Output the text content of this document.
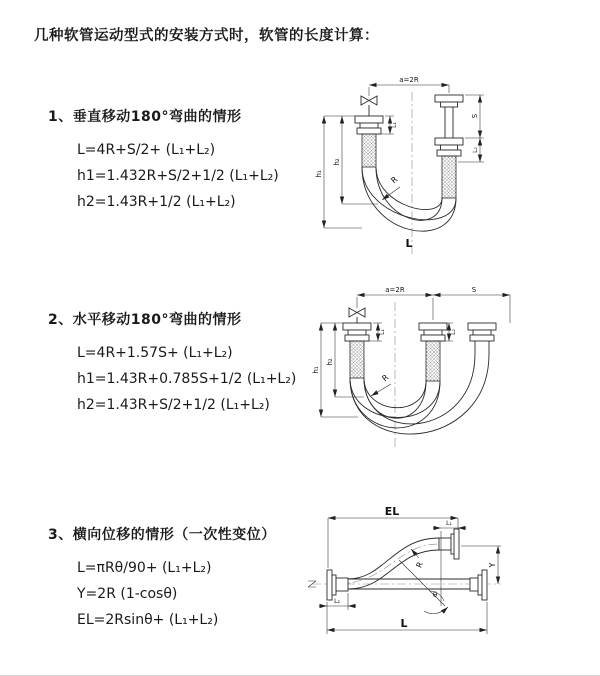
几种软管运动型式的安装方式时，软管的长度计算：
1、垂直移动180°弯曲的情形
L=4R+S/2+ (L₁+L₂)
h1=1.432R+S/2+1/2 (L₁+L₂)
h2=1.43R+1/2 (L₁+L₂)
a=2R
h₁
h₂
L₁
S
L₂
R
L
2、水平移动180°弯曲的情形
L=4R+1.57S+ (L₁+L₂)
h1=1.43R+0.785S+1/2 (L₁+L₂)
h2=1.43R+S/2+1/2 (L₁+L₂)
a=2R	S
h₁
h₂
L₁	L₂
R
3、横向位移的情形（一次性变位）
L=πRθ/90+ (L₁+L₂)
Y=2R (1-cosθ)
EL=2Rsinθ+ (L₁+L₂)
θ
EL
L₁
Y
L
L₂
R
